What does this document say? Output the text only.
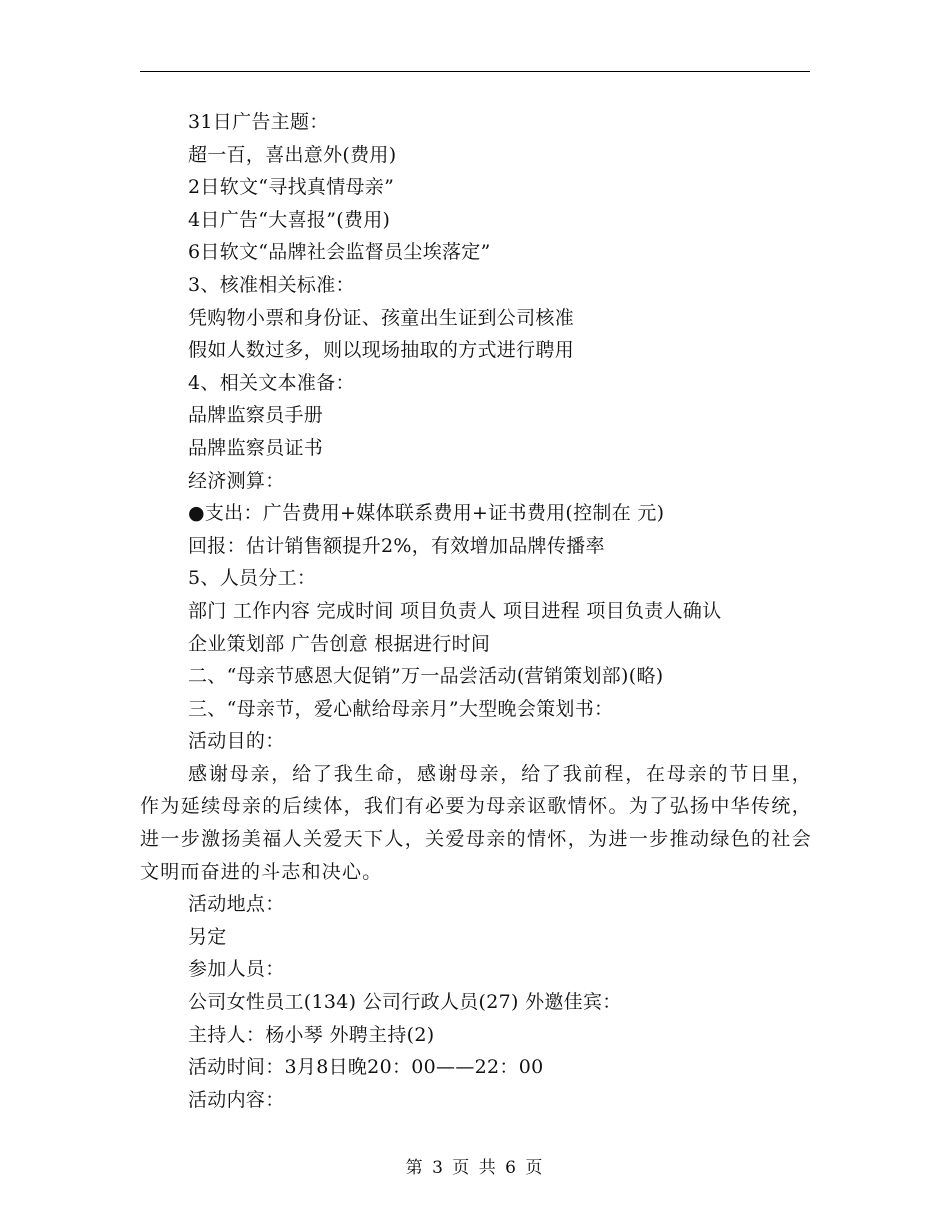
31日广告主题：
超一百，喜出意外(费用)
2日软文“寻找真情母亲”
4日广告“大喜报”(费用)
6日软文“品牌社会监督员尘埃落定”
3、核准相关标准：
凭购物小票和身份证、孩童出生证到公司核准
假如人数过多，则以现场抽取的方式进行聘用
4、相关文本准备：
品牌监察员手册
品牌监察员证书
经济测算：
●支出：广告费用+媒体联系费用+证书费用(控制在 元)
回报：估计销售额提升2%，有效增加品牌传播率
5、人员分工：
部门 工作内容 完成时间 项目负责人 项目进程 项目负责人确认
企业策划部 广告创意 根据进行时间
二、“母亲节感恩大促销”万一品尝活动(营销策划部)(略)
三、“母亲节，爱心献给母亲月”大型晚会策划书：
活动目的：
感谢母亲，给了我生命，感谢母亲，给了我前程，在母亲的节日里，作为延续母亲的后续体，我们有必要为母亲讴歌情怀。为了弘扬中华传统，进一步激扬美福人关爱天下人，关爱母亲的情怀，为进一步推动绿色的社会文明而奋进的斗志和决心。
活动地点：
另定
参加人员：
公司女性员工(134) 公司行政人员(27) 外邀佳宾：
主持人：杨小琴 外聘主持(2)
活动时间：3月8日晚20：00——22：00
活动内容：
第 3 页 共 6 页
